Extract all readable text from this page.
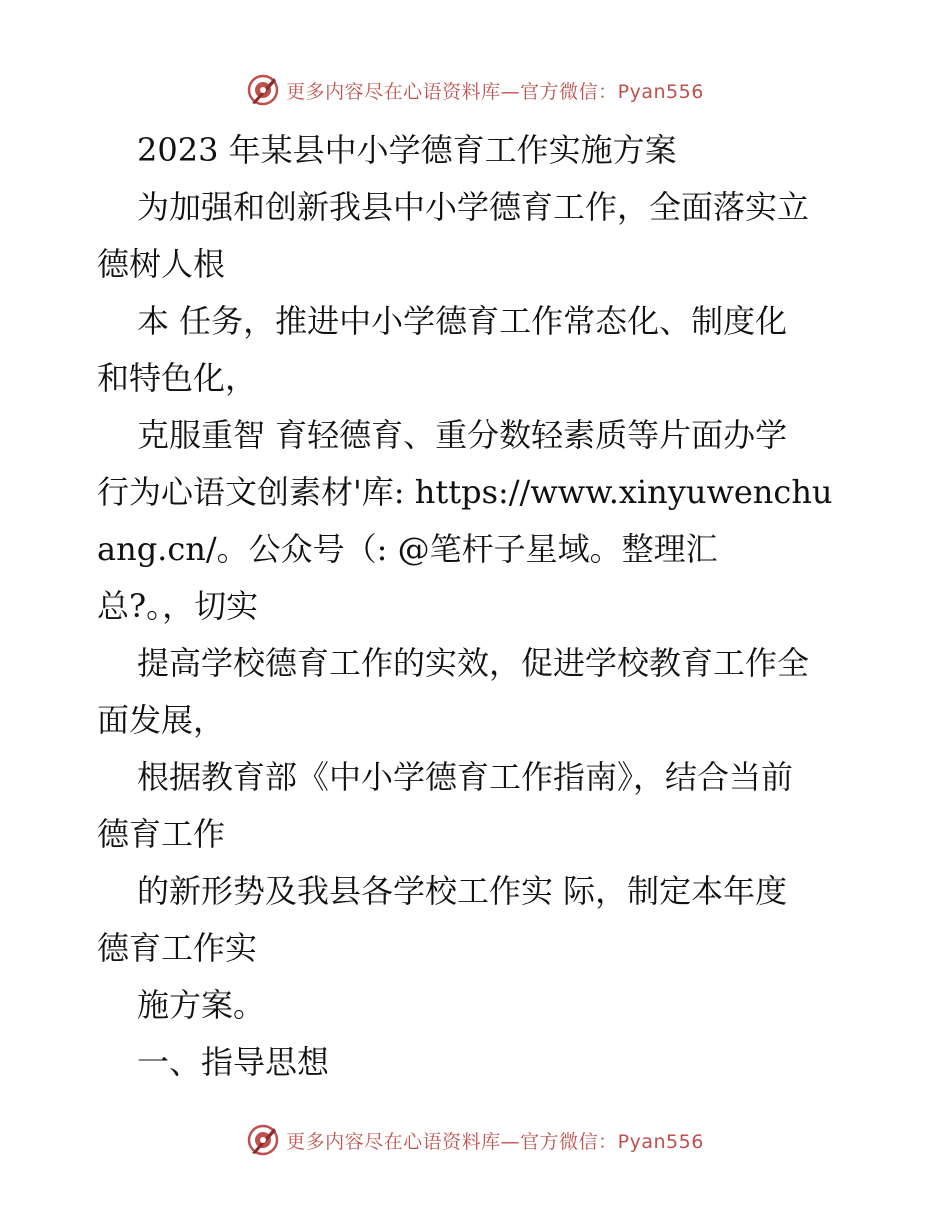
更多内容尽在心语资料库—官方微信：Pyan556
2023 年某县中小学德育工作实施方案
为加强和创新我县中小学德育工作，全面落实立
德树人根
本 任务，推进中小学德育工作常态化、制度化
和特色化，
克服重智 育轻德育、重分数轻素质等片面办学
行为心语文创素材'库: https://www.xinyuwenchu
ang.cn/。公众号（: @笔杆子星域。整理汇
总?。，切实
提高学校德育工作的实效，促进学校教育工作全
面发展，
根据教育部《中小学德育工作指南》，结合当前
德育工作
的新形势及我县各学校工作实 际，制定本年度
德育工作实
施方案。
一、指导思想
更多内容尽在心语资料库—官方微信：Pyan556
